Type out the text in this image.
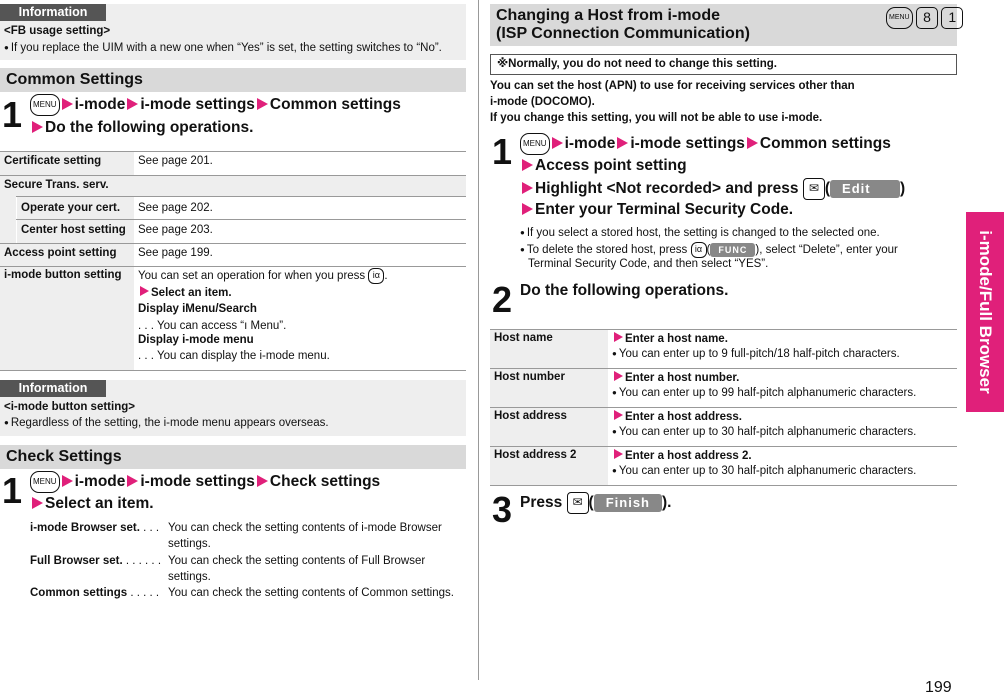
i-mode/Full Browser
199
Information
<FB usage setting>
● If you replace the UIM with a new one when “Yes” is set, the setting switches to “No”.
Common Settings
1	MENU i-mode i-mode settings Common settings
Do the following operations.
Certificate setting	See page 201.
Secure Trans. serv.
Operate your cert. See page 202.
Center host setting See page 203.
Access point setting See page 199.
i-mode button setting You can set an operation for when you press iα .
Select an item.
Display iMenu/Search
. . . You can access “ı Menu”.
Display i-mode menu
. . . You can display the i-mode menu.
Information
<i-mode button setting>
● Regardless of the setting, the i-mode menu appears overseas.
Check Settings
1	MENU i-mode i-mode settings Check settings
Select an item.
i-mode Browser set. . . . You can check the setting contents of i-mode Browser
settings.
Full Browser set. . . . . . . You can check the setting contents of Full Browser
settings.
Common settings . . . . . You can check the setting contents of Common settings.
Changing a Host from i-mode
(ISP Connection Communication)
MENU 8 1
※Normally, you do not need to change this setting.
You can set the host (APN) to use for receiving services other than
i-mode (DOCOMO).
If you change this setting, you will not be able to use i-mode.
1	MENU i-mode i-mode settings Common settings
Access point setting
Highlight <Not recorded> and press ✉ ( Edit )
Enter your Terminal Security Code.
● If you select a stored host, the setting is changed to the selected one.
● To delete the stored host, press iα ( FUNC ), select “Delete”, enter your
Terminal Security Code, and then select “YES”.
2 Do the following operations.
Host name	Enter a host name.
● You can enter up to 9 full-pitch/18 half-pitch characters.
Host number	Enter a host number.
● You can enter up to 99 half-pitch alphanumeric characters.
Host address	Enter a host address.
● You can enter up to 30 half-pitch alphanumeric characters.
Host address 2	Enter a host address 2.
● You can enter up to 30 half-pitch alphanumeric characters.
3 Press ✉ ( Finish ).
